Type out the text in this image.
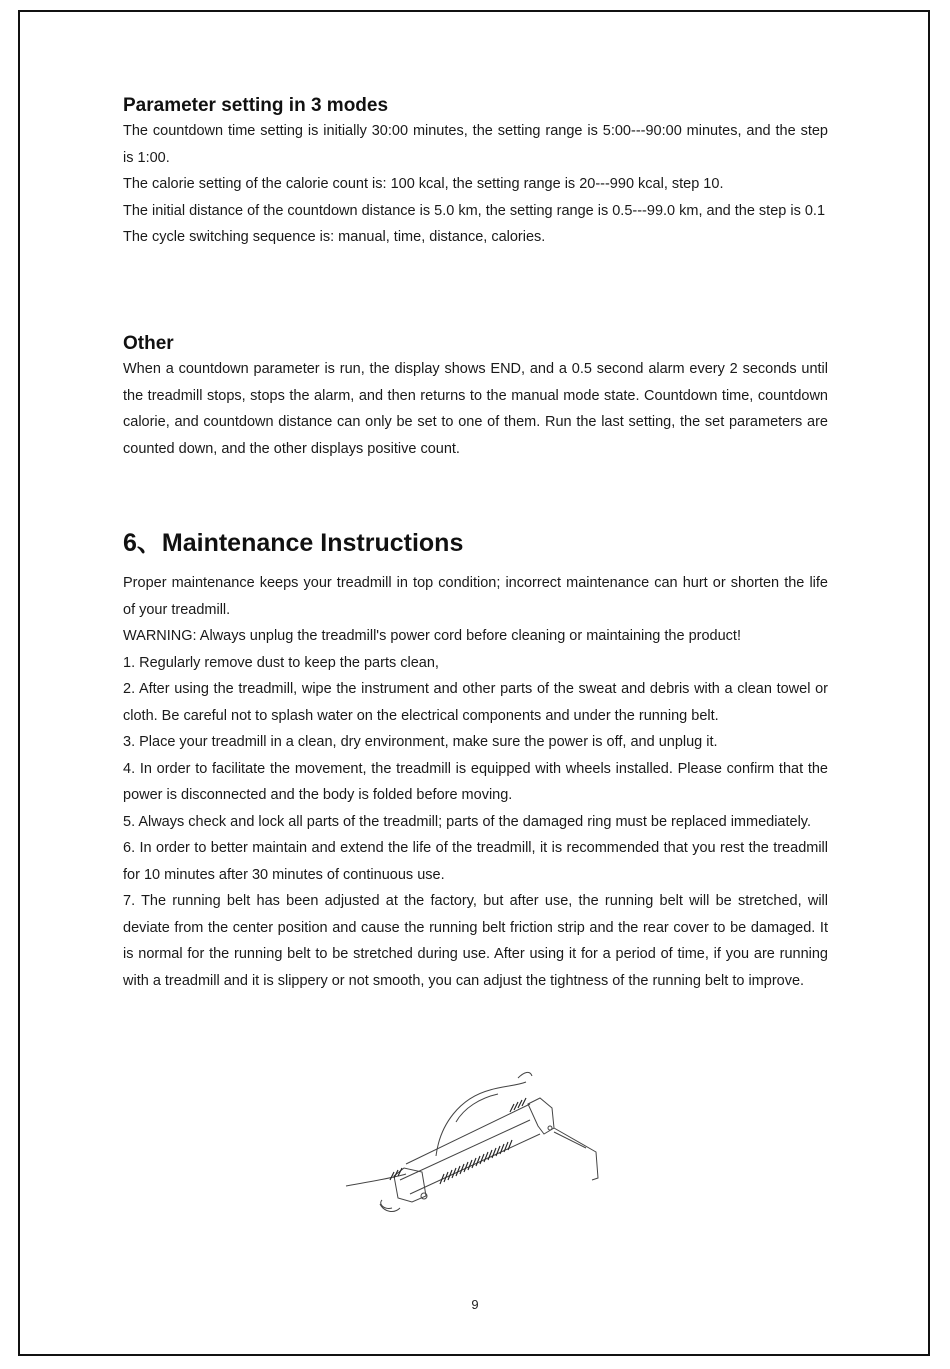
Parameter setting in 3 modes

The countdown time setting is initially 30:00 minutes, the setting range is 5:00---90:00 minutes, and the step is 1:00.

The calorie setting of the calorie count is: 100 kcal, the setting range is 20---990 kcal, step 10.

The initial distance of the countdown distance is 5.0 km, the setting range is 0.5---99.0 km, and the step is 0.1

The cycle switching sequence is: manual, time, distance, calories.

Other

When a countdown parameter is run, the display shows END, and a 0.5 second alarm every 2 seconds until the treadmill stops, stops the alarm, and then returns to the manual mode state. Countdown time, countdown calorie, and countdown distance can only be set to one of them. Run the last setting, the set parameters are counted down, and the other displays positive count.

6、Maintenance Instructions

Proper maintenance keeps your treadmill in top condition; incorrect maintenance can hurt or shorten the life of your treadmill.

WARNING: Always unplug the treadmill's power cord before cleaning or maintaining the product!

1. Regularly remove dust to keep the parts clean,

2. After using the treadmill, wipe the instrument and other parts of the sweat and debris with a clean towel or cloth. Be careful not to splash water on the electrical components and under the running belt.

3. Place your treadmill in a clean, dry environment, make sure the power is off, and unplug it.

4. In order to facilitate the movement, the treadmill is equipped with wheels installed. Please confirm that the power is disconnected and the body is folded before moving.

5. Always check and lock all parts of the treadmill; parts of the damaged ring must be replaced immediately.

6. In order to better maintain and extend the life of the treadmill, it is recommended that you rest the treadmill for 10 minutes after 30 minutes of continuous use.

7. The running belt has been adjusted at the factory, but after use, the running belt will be stretched, will deviate from the center position and cause the running belt friction strip and the rear cover to be damaged. It is normal for the running belt to be stretched during use. After using it for a period of time, if you are running with a treadmill and it is slippery or not smooth, you can adjust the tightness of the running belt to improve.

9
